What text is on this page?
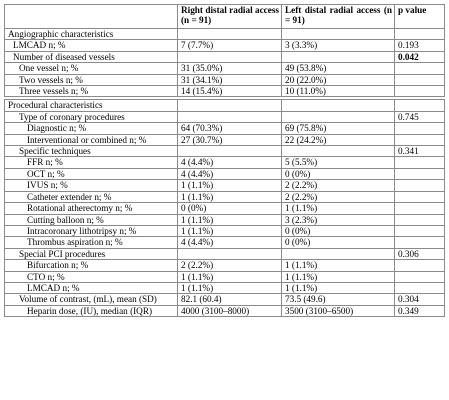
	Right distal radial access (n = 91)	Left distal radial access (n = 91)	p value
Angiographic characteristics			
LMCAD n; %	7 (7.7%)	3 (3.3%)	0.193
Number of diseased vessels			0.042
One vessel n; %	31 (35.0%)	49 (53.8%)	
Two vessels n; %	31 (34.1%)	20 (22.0%)	
Three vessels n; %	14 (15.4%)	10 (11.0%)	

Procedural characteristics			
Type of coronary procedures			0.745
Diagnostic n; %	64 (70.3%)	69 (75.8%)	
Interventional or combined n; %	27 (30.7%)	22 (24.2%)	
Specific techniques			0.341
FFR n; %	4 (4.4%)	5 (5.5%)	
OCT n; %	4 (4.4%)	0 (0%)	
IVUS n; %	1 (1.1%)	2 (2.2%)	
Catheter extender n; %	1 (1.1%)	2 (2.2%)	
Rotational atherectomy n; %	0 (0%)	1 (1.1%)	
Cutting balloon n; %	1 (1.1%)	3 (2.3%)	
Intracoronary lithotripsy n; %	1 (1.1%)	0 (0%)	
Thrombus aspiration n; %	4 (4.4%)	0 (0%)	
Special PCI procedures			0.306
Bifurcation n; %	2 (2.2%)	1 (1.1%)	
CTO n; %	1 (1.1%)	1 (1.1%)	
LMCAD n; %	1 (1.1%)	1 (1.1%)	
Volume of contrast, (mL), mean (SD)	82.1 (60.4)	73.5 (49.6)	0.304
Heparin dose, (IU), median (IQR)	4000 (3100–8000)	3500 (3100–6500)	0.349
